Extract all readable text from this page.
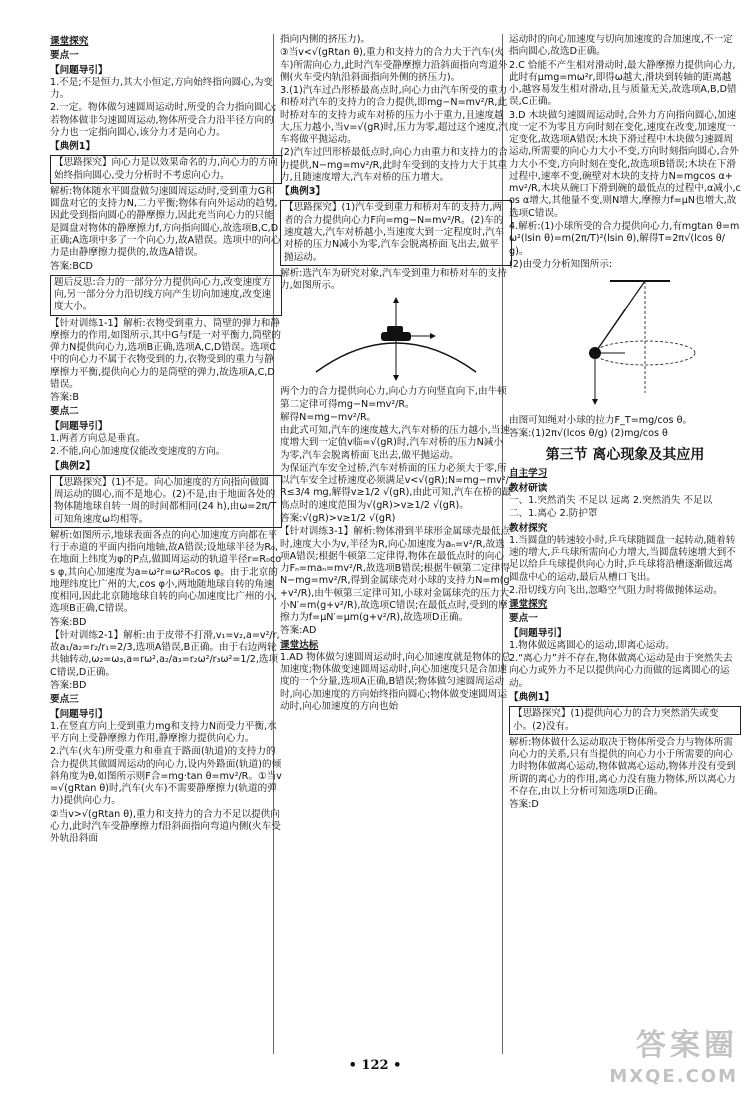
课堂探究
要点一
【问题导引】

1.不是;不是恒力,其大小恒定,方向始终指向圆心,为变力。

2.一定。物体做匀速圆周运动时,所受的合力指向圆心;若物体做非匀速圆周运动,物体所受合力沿半径方向的分力也一定指向圆心,该分力才是向心力。

【典例1】
【思路探究】向心力是以效果命名的力,向心力的方向始终指向圆心,受力分析时不考虑向心力。

解析:物体随水平圆盘做匀速圆周运动时,受到重力G和圆盘对它的支持力N,二力平衡;物体有向外运动的趋势,因此受到指向圆心的静摩擦力,因此充当向心力的只能是圆盘对物体的静摩擦力f,方向指向圆心,故选项B,C,D正确;A选项中多了一个向心力,故A错误。选项中的向心力是由静摩擦力提供的,故选A错误。

答案:BCD

题后反思:合力的一部分分力提供向心力,改变速度方向,另一部分分力沿切线方向产生切向加速度,改变速度大小。

【针对训练1-1】解析:衣物受到重力、筒壁的弹力和静摩擦力的作用,如图所示,其中G与f是一对平衡力,筒壁的弹力N提供向心力,选项B正确,选项A,C,D错误。选项C中的向心力不属于衣物受到的力,衣物受到的重力与静摩擦力平衡,提供向心力的是筒壁的弹力,故选项A,C,D错误。

答案:B

要点二
【问题导引】

1.两者方向总是垂直。

2.不能,向心加速度仅能改变速度的方向。

【典例2】
【思路探究】(1)不是。向心加速度的方向指向做圆周运动的圆心,而不是地心。(2)不是,由于地面各处的物体随地球自转一周的时间都相同(24 h),由ω=2π/T可知角速度ω均相等。

解析:如图所示,地球表面各点的向心加速度方向都在平行于赤道的平面内指向地轴,故A错误;设地球半径为R₀,在地面上纬度为φ的P点,做圆周运动的轨道半径r=R₀cos φ,其向心加速度为a=ω²r=ω²R₀cos φ。由于北京的地理纬度比广州的大,cos φ小,两地随地球自转的角速度相同,因此北京随地球自转的向心加速度比广州的小,选项B正确,C错误。

答案:BD

【针对训练2-1】解析:由于皮带不打滑,v₁=v₂,a=v²/r,故a₁/a₂=r₂/r₁=2/3,选项A错误,B正确。由于右边两轮共轴转动,ω₂=ω₃,a=rω²,a₂/a₃=r₂ω²/r₃ω²=1/2,选项C错误,D正确。

答案:BD

要点三
【问题导引】

1.在竖直方向上受到重力mg和支持力N而受力平衡,水平方向上受静摩擦力作用,静摩擦力提供向心力。

2.汽车(火车)所受重力和垂直于路面(轨道)的支持力的合力提供其做圆周运动的向心力,设内外路面(轨道)的倾斜角度为θ,如图所示则F合=mg·tan θ=mv²/R。①当v=√(gRtan θ)时,汽车(火车)不需要静摩擦力(轨道的弹力)提供向心力。

②当v>√(gRtan θ),重力和支持力的合力不足以提供向心力,此时汽车受静摩擦力f沿斜面指向弯道内侧(火车受外轨沿斜面

指向内侧的挤压力)。

③当v<√(gRtan θ),重力和支持力的合力大于汽车(火车)所需向心力,此时汽车受静摩擦力沿斜面指向弯道外侧(火车受内轨沿斜面指向外侧的挤压力)。

3.(1)汽车过凸形桥最高点时,向心力由汽车所受的重力和桥对汽车的支持力的合力提供,即mg−N=mv²/R,此时桥对车的支持力或车对桥的压力小于重力,且速度越大,压力越小,当v=√(gR)时,压力为零,超过这个速度,汽车将做平抛运动。

(2)汽车过凹形桥最低点时,向心力由重力和支持力的合力提供,N−mg=mv²/R,此时车受到的支持力大于其重力,且随速度增大,汽车对桥的压力增大。

【典例3】
【思路探究】(1)汽车受到重力和桥对车的支持力,两者的合力提供向心力F向=mg−N=mv²/R。(2)车的速度越大,汽车对桥越小,当速度大到一定程度时,汽车对桥的压力N减小为零,汽车会脱离桥面飞出去,做平抛运动。

解析:选汽车为研究对象,汽车受到重力和桥对车的支持力,如图所示。

两个力的合力提供向心力,向心力方向竖直向下,由牛顿第二定律可得mg−N=mv²/R。

解得N=mg−mv²/R。

由此式可知,汽车的速度越大,汽车对桥的压力越小,当速度增大到一定值v临=√(gR)时,汽车对桥的压力N减小为零,汽车会脱离桥面飞出去,做平抛运动。

为保证汽车安全过桥,汽车对桥面的压力必须大于零,所以汽车安全过桥速度必须满足v<√(gR);N=mg−mv²/R≤3/4 mg,解得v≥1/2 √(gR),由此可知,汽车在桥的最高点时的速度范围为√(gR)>v≥1/2 √(gR)。

答案:√(gR)>v≥1/2 √(gR)

【针对训练3-1】解析:物体滑到半球形金属球壳最低点时,速度大小为v,半径为R,向心加速度为aₙ=v²/R,故选项A错误;根据牛顿第二定律得,物体在最低点时的向心力Fₙ=maₙ=mv²/R,故选项B错误;根据牛顿第二定律得N−mg=mv²/R,得到金属球壳对小球的支持力N=m(g+v²/R),由牛顿第三定律可知,小球对金属球壳的压力大小N′=m(g+v²/R),故选项C错误;在最低点时,受到的摩擦力为f=μN′=μm(g+v²/R),故选项D正确。

答案:AD

课堂达标

1.AD 物体做匀速圆周运动时,向心加速度就是物体的总加速度;物体做变速圆周运动时,向心加速度只是合加速度的一个分量,选项A正确,B错误;物体做匀速圆周运动时,向心加速度的方向始终指向圆心;物体做变速圆周运动时,向心加速度的方向也始

运动时的向心加速度与切向加速度的合加速度,不一定指向圆心,故选D正确。

2.C 恰能不产生相对滑动时,最大静摩擦力提供向心力,此时有μmg=mω²r,即得ω越大,滑块到转轴的距离越小,越容易发生相对滑动,且与质量无关,故选项A,B,D错误,C正确。

3.D 木块做匀速圆周运动时,合外力方向指向圆心,加速度一定不为零且方向时刻在变化,速度在改变,加速度一定变化,故选项A错误;木块下滑过程中木块做匀速圆周运动,所需要的向心力大小不变,方向时刻指向圆心,合外力大小不变,方向时刻在变化,故选项B错误;木块在下滑过程中,速率不变,碗壁对木块的支持力N=mgcos α+mv²/R,木块从碗口下滑到碗的最低点的过程中,α减小,cos α增大,其他量不变,则N增大,摩擦力f=μN也增大,故选项C错误。

4.解析:(1)小球所受的合力提供向心力,有mgtan θ=mω²(lsin θ)=m(2π/T)²(lsin θ),解得T=2π√(lcos θ/g)。

(2)由受力分析知图所示:

由图可知绳对小球的拉力F_T=mg/cos θ。

答案:(1)2π√(lcos θ/g) (2)mg/cos θ

第三节 离心现象及其应用
自主学习
教材研读

一、1.突然消失 不足以 远离 2.突然消失 不足以

二、1.离心 2.防护罩

教材探究

1.当圆盘的转速较小时,乒乓球随圆盘一起转动,随着转速的增大,乒乓球所需向心力增大,当圆盘转速增大到不足以给乒乓球提供向心力时,乒乓球将沿槽逐渐做远离圆盘中心的运动,最后从槽口飞出。

2.沿切线方向飞出,忽略空气阻力时将做抛体运动。

课堂探究
要点一
【问题导引】

1.物体做远离圆心的运动,即离心运动。

2.“离心力”并不存在,物体做离心运动是由于突然失去向心力或外力不足以提供向心力而做的远离圆心的运动。

【典例1】
【思路探究】(1)提供向心力的合力突然消失或变小。(2)没有。

解析:物体做什么运动取决于物体所受合力与物体所需向心力的关系,只有当提供的向心力小于所需要的向心力时物体做离心运动,物体做离心运动,物体并没有受到所谓的离心力的作用,离心力没有施力物体,所以离心力不存在,由以上分析可知选项D正确。

答案:D

• 122 •
答案圈
MXQE.COM
